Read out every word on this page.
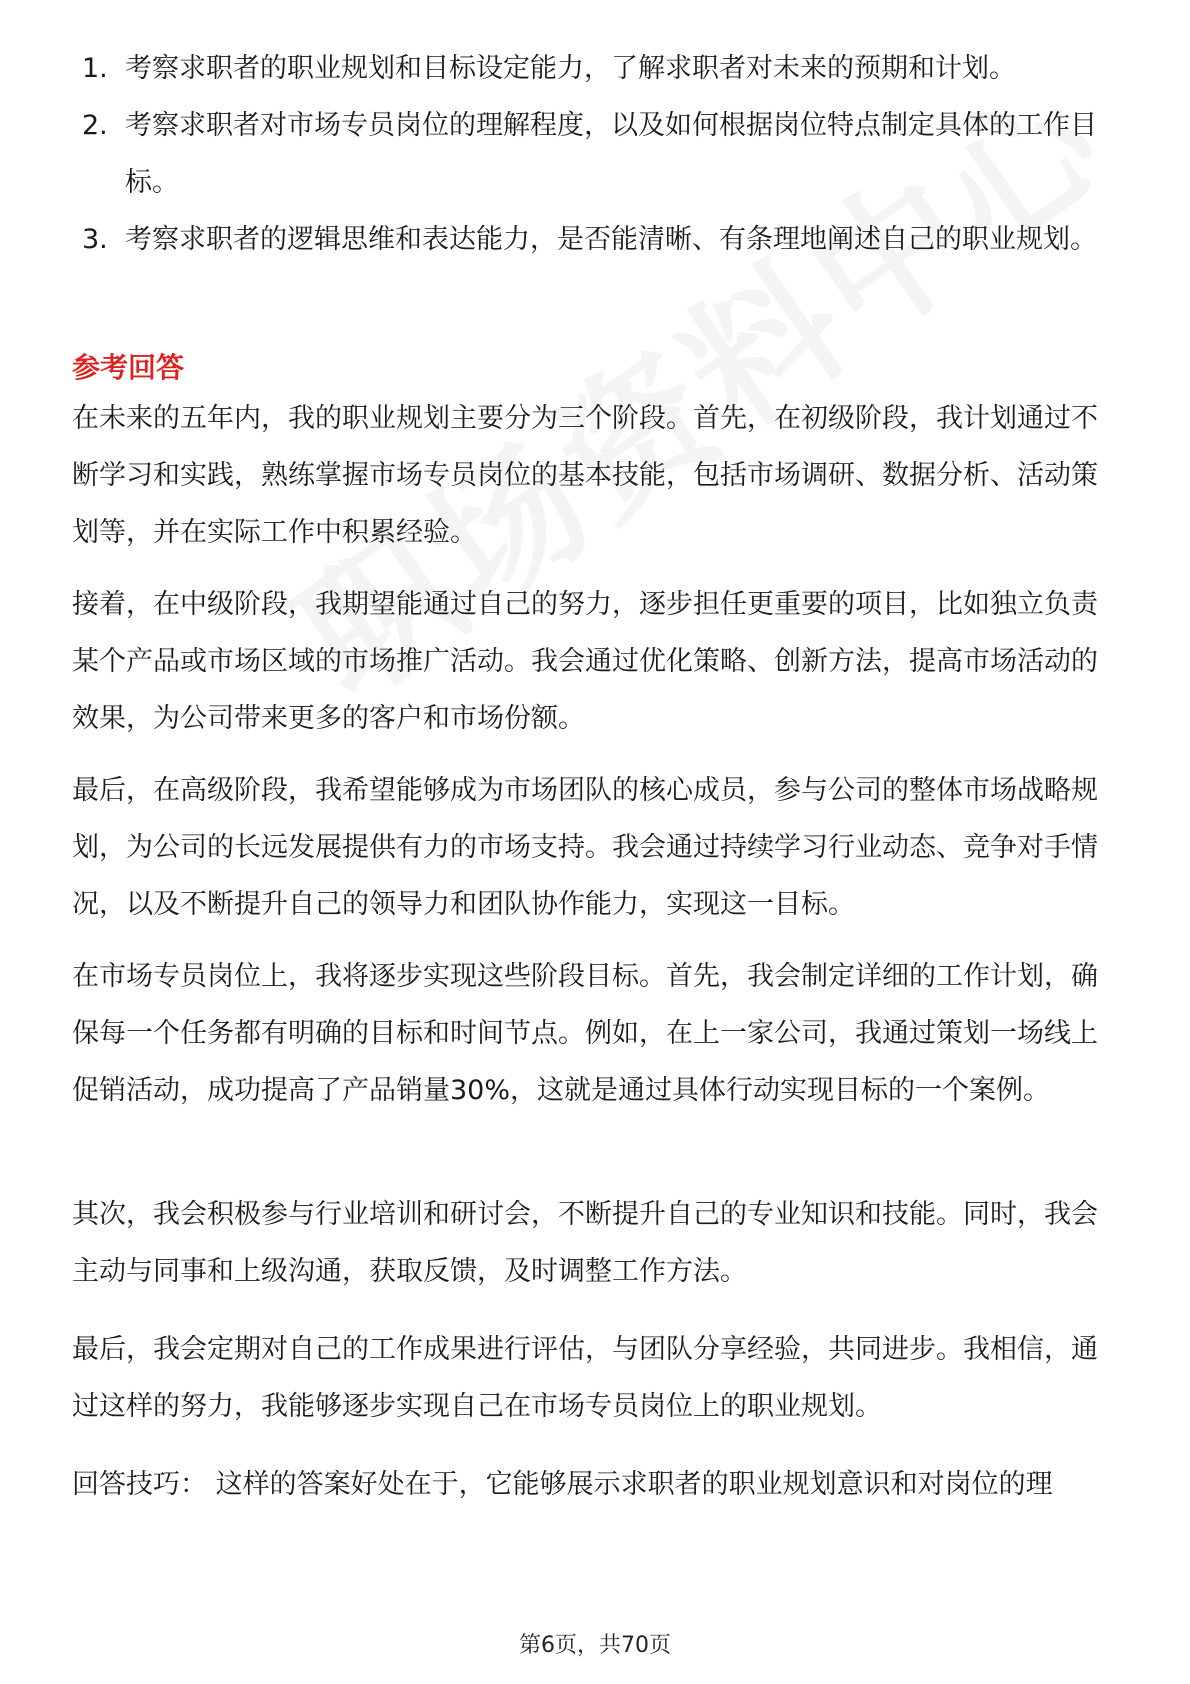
1. 考察求职者的职业规划和目标设定能力，了解求职者对未来的预期和计划。
2. 考察求职者对市场专员岗位的理解程度，以及如何根据岗位特点制定具体的工作目标。
3. 考察求职者的逻辑思维和表达能力，是否能清晰、有条理地阐述自己的职业规划。
参考回答

在未来的五年内，我的职业规划主要分为三个阶段。首先，在初级阶段，我计划通过不断学习和实践，熟练掌握市场专员岗位的基本技能，包括市场调研、数据分析、活动策划等，并在实际工作中积累经验。

接着，在中级阶段，我期望能通过自己的努力，逐步担任更重要的项目，比如独立负责某个产品或市场区域的市场推广活动。我会通过优化策略、创新方法，提高市场活动的效果，为公司带来更多的客户和市场份额。

最后，在高级阶段，我希望能够成为市场团队的核心成员，参与公司的整体市场战略规划，为公司的长远发展提供有力的市场支持。我会通过持续学习行业动态、竞争对手情况，以及不断提升自己的领导力和团队协作能力，实现这一目标。

在市场专员岗位上，我将逐步实现这些阶段目标。首先，我会制定详细的工作计划，确保每一个任务都有明确的目标和时间节点。例如，在上一家公司，我通过策划一场线上促销活动，成功提高了产品销量30%，这就是通过具体行动实现目标的一个案例。

其次，我会积极参与行业培训和研讨会，不断提升自己的专业知识和技能。同时，我会主动与同事和上级沟通，获取反馈，及时调整工作方法。

最后，我会定期对自己的工作成果进行评估，与团队分享经验，共同进步。我相信，通过这样的努力，我能够逐步实现自己在市场专员岗位上的职业规划。

回答技巧： 这样的答案好处在于，它能够展示求职者的职业规划意识和对岗位的理

第6页，共70页
